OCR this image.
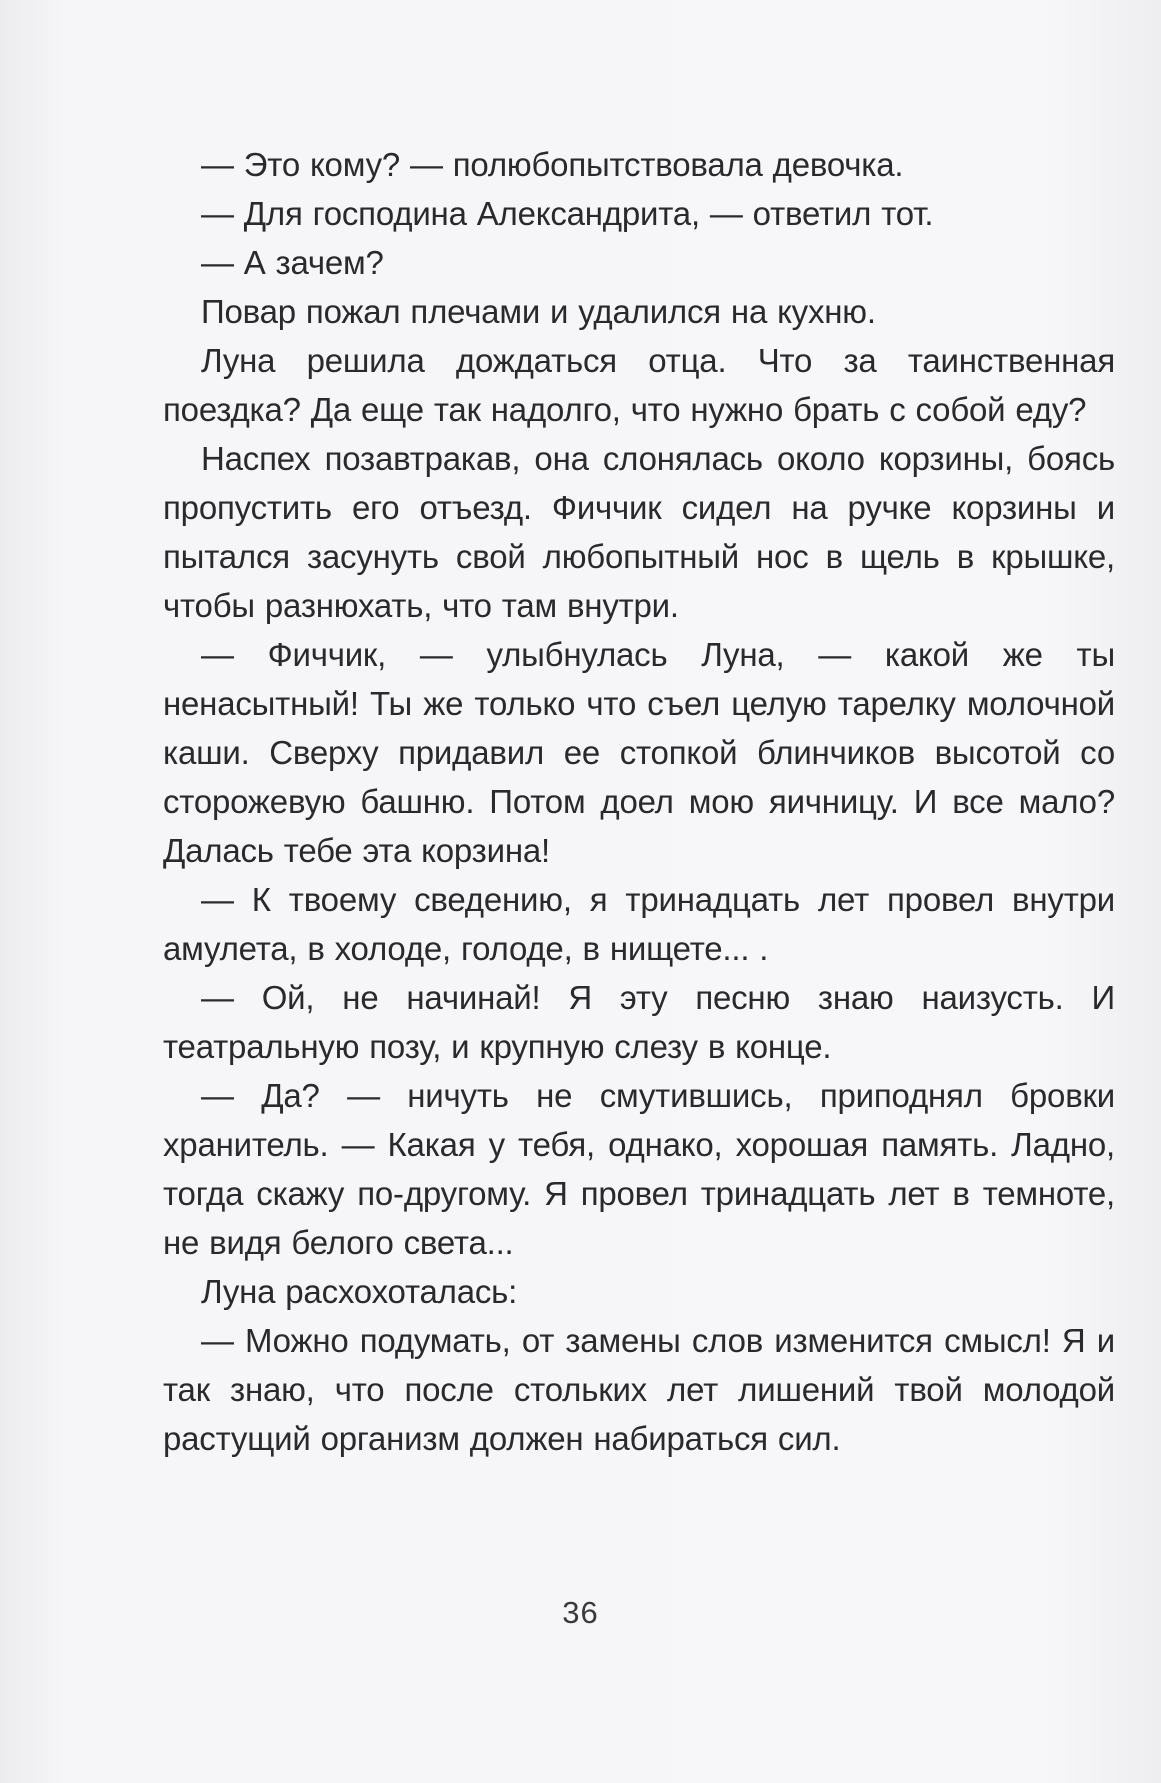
— Это кому? — полюбопытствовала девочка.

— Для господина Александрита, — ответил тот.

— А зачем?

Повар пожал плечами и удалился на кухню.

Луна решила дождаться отца. Что за таинственная поездка? Да еще так надолго, что нужно брать с собой еду?

Наспех позавтракав, она слонялась около корзины, боясь пропустить его отъезд. Фиччик сидел на ручке корзины и пытался засунуть свой любопытный нос в щель в крышке, чтобы разнюхать, что там внутри.

— Фиччик, — улыбнулась Луна, — какой же ты ненасытный! Ты же только что съел целую тарелку молочной каши. Сверху придавил ее стопкой блинчиков высотой со сторожевую башню. Потом доел мою яичницу. И все мало? Далась тебе эта корзина!

— К твоему сведению, я тринадцать лет провел внутри амулета, в холоде, голоде, в нищете... .

— Ой, не начинай! Я эту песню знаю наизусть. И театральную позу, и крупную слезу в конце.

— Да? — ничуть не смутившись, приподнял бровки хранитель. — Какая у тебя, однако, хорошая память. Ладно, тогда скажу по-другому. Я провел тринадцать лет в темноте, не видя белого света...

Луна расхохоталась:

— Можно подумать, от замены слов изменится смысл! Я и так знаю, что после стольких лет лишений твой молодой растущий организм должен набираться сил.

36
